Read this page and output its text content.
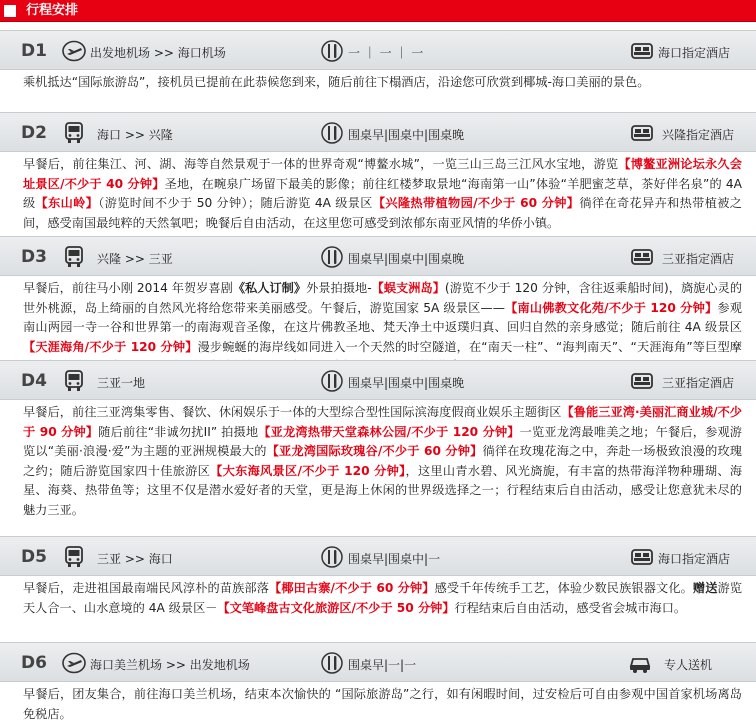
行程安排
D1	出发地机场 >> 海口机场	一 ｜ 一 ｜ 一	海口指定酒店
乘机抵达“国际旅游岛”，接机员已提前在此恭候您到来，随后前往下榻酒店，沿途您可欣赏到椰城-海口美丽的景色。
D2	海口 >> 兴隆	围桌早|围桌中|围桌晚	兴隆指定酒店
早餐后，前往集江、河、湖、海等自然景观于一体的世界奇观“博鳌水城”，一览三山三岛三江风水宝地，游览【博鳌亚洲论坛永久会址景区/不少于 40 分钟】圣地，在畹泉广场留下最美的影像；前往红楼梦取景地“海南第一山”体验“羊肥蜜芝草，茶好伴名泉”的 4A 级【东山岭】（游览时间不少于 50 分钟）；随后游览 4A 级景区【兴隆热带植物园/不少于 60 分钟】徜徉在奇花异卉和热带植被之间，感受南国最纯粹的天然氧吧；晚餐后自由活动，在这里您可感受到浓郁东南亚风情的华侨小镇。
D3	兴隆 >> 三亚	围桌早|围桌中|围桌晚	三亚指定酒店
早餐后，前往马小刚 2014 年贺岁喜剧《私人订制》外景拍摄地-【蜈支洲岛】(游览不少于 120 分钟，含往返乘船时间)，旖旎心灵的世外桃源，岛上绮丽的自然风光将给您带来美丽感受。午餐后，游览国家 5A 级景区——【南山佛教文化苑/不少于 120 分钟】参观南山两园一寺一谷和世界第一的南海观音圣像，在这片佛教圣地、梵天净土中返璞归真、回归自然的亲身感觉；随后前往 4A 级景区【天涯海角/不少于 120 分钟】漫步蜿蜒的海岸线如同进入一个天然的时空隧道，在“南天一柱”、“海判南天”、“天涯海角”等巨型摩
D4	三亚一地	围桌早|围桌中|围桌晚	三亚指定酒店
早餐后，前往三亚湾集零售、餐饮、休闲娱乐于一体的大型综合型性国际滨海度假商业娱乐主题街区【鲁能三亚湾·美丽汇商业城/不少于 90 分钟】随后前往“非诚勿扰II” 拍摄地【亚龙湾热带天堂森林公园/不少于 120 分钟】一览亚龙湾最唯美之地；午餐后，参观游览以“美丽·浪漫·爱”为主题的亚洲规模最大的【亚龙湾国际玫瑰谷/不少于 60 分钟】徜徉在玫瑰花海之中，奔赴一场极致浪漫的玫瑰之约；随后游览国家四十佳旅游区【大东海风景区/不少于 120 分钟】，这里山青水碧、风光旖旎，有丰富的热带海洋物种珊瑚、海星、海葵、热带鱼等；这里不仅是潜水爱好者的天堂，更是海上休闲的世界级选择之一；行程结束后自由活动，感受让您意犹未尽的魅力三亚。
D5	三亚 >> 海口	围桌早|围桌中|一	海口指定酒店
早餐后，走进祖国最南端民风淳朴的苗族部落【椰田古寨/不少于 60 分钟】感受千年传统手工艺，体验少数民族银器文化。赠送游览天人合一、山水意境的 4A 级景区－【文笔峰盘古文化旅游区/不少于 50 分钟】行程结束后自由活动，感受省会城市海口。
D6	海口美兰机场 >> 出发地机场	围桌早|一|一	专人送机
早餐后，团友集合，前往海口美兰机场，结束本次愉快的 “国际旅游岛”之行，如有闲暇时间，过安检后可自由参观中国首家机场离岛免税店。
